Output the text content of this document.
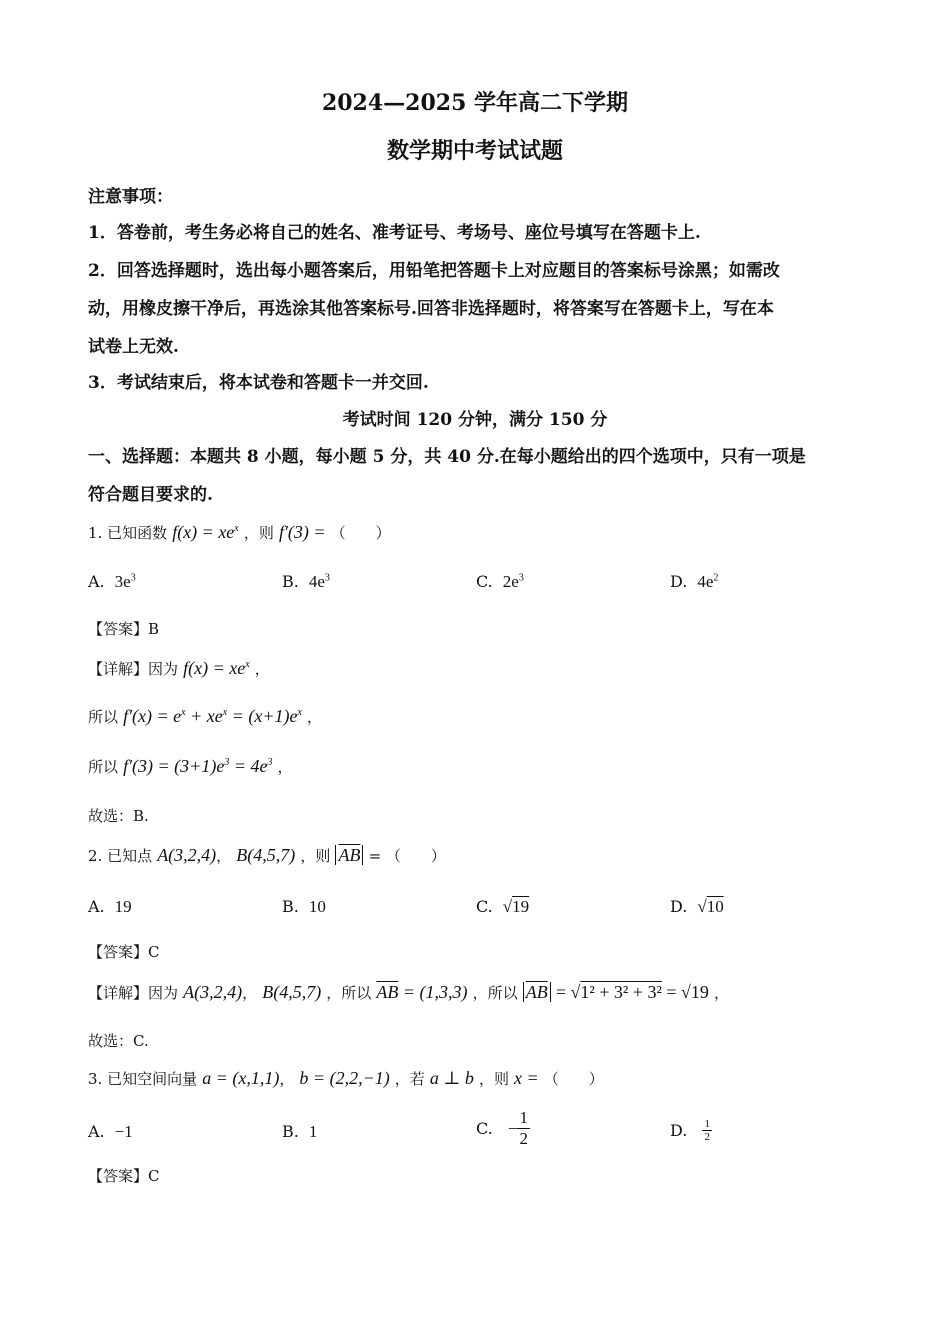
2024—2025 学年高二下学期
数学期中考试试题
注意事项：
1．答卷前，考生务必将自己的姓名、准考证号、考场号、座位号填写在答题卡上.
2．回答选择题时，选出每小题答案后，用铅笔把答题卡上对应题目的答案标号涂黑；如需改
动，用橡皮擦干净后，再选涂其他答案标号.回答非选择题时，将答案写在答题卡上，写在本
试卷上无效.
3．考试结束后，将本试卷和答题卡一并交回.
考试时间 120 分钟，满分 150 分
一、选择题：本题共 8 小题，每小题 5 分，共 40 分.在每小题给出的四个选项中，只有一项是
符合题目要求的.
1. 已知函数 $f(x) = xe^x$ ，则 f′(3) = （　　）
A. $3e^3$	B. $4e^3$	C. $2e^3$	D. $4e^2$
【答案】B
【详解】因为 $f(x) = xe^x$ ，
所以 $f'(x) = e^x + xe^x = (x+1)e^x$ ，
所以 $f'(3) = (3+1)e^3 = 4e^3$ ，
故选：B.
2. 已知点 A(3,2,4)， B(4,5,7) ，则 $\overline{AB}$ = （　　）
A. 19	B. 10	C. √19	D. √10
【答案】C
【详解】因为 A(3,2,4)， B(4,5,7) ，所以 $\overline{AB} = (1,3,3)$ ，所以 $\overline{AB} = √1^2 + 3^2 + 3^2 = √19$ ，
故选：C.
3. 已知空间向量 a = (x,1,1)， b = (2,2,−1) ，若 a ⊥ b ，则 x = （　　）
A. −1	B. 1	C. − $\frac{1}{2}$	D. $\frac{1}{2}$
【答案】C
